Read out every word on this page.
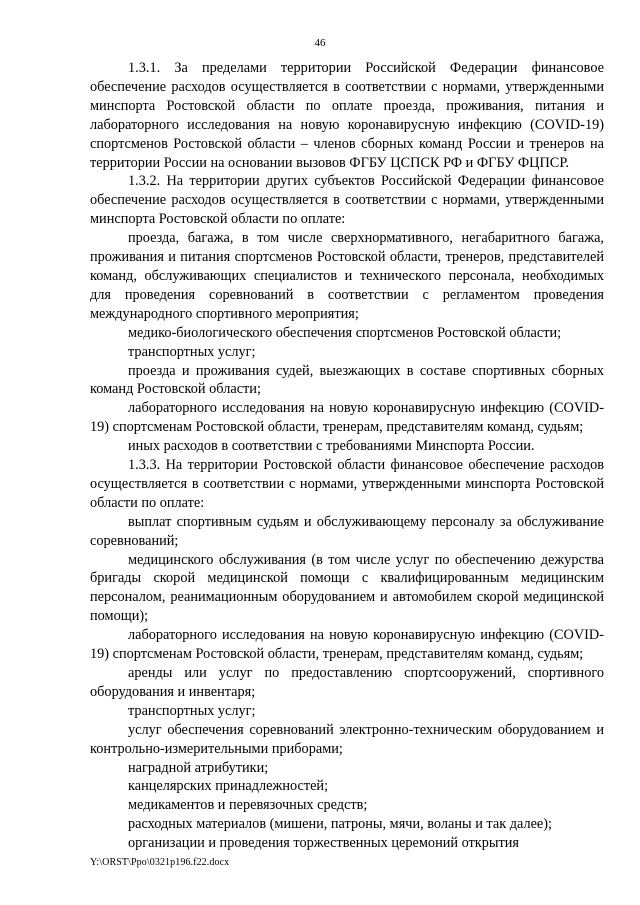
46

1.3.1. За пределами территории Российской Федерации финансовое обеспечение расходов осуществляется в соответствии с нормами, утвержденными минспорта Ростовской области по оплате проезда, проживания, питания и лабораторного исследования на новую коронавирусную инфекцию (COVID-19) спортсменов Ростовской области – членов сборных команд России и тренеров на территории России на основании вызовов ФГБУ ЦСПСК РФ и ФГБУ ФЦПСР.

1.3.2. На территории других субъектов Российской Федерации финансовое обеспечение расходов осуществляется в соответствии с нормами, утвержденными минспорта Ростовской области по оплате:

проезда, багажа, в том числе сверхнормативного, негабаритного багажа, проживания и питания спортсменов Ростовской области, тренеров, представителей команд, обслуживающих специалистов и технического персонала, необходимых для проведения соревнований в соответствии с регламентом проведения международного спортивного мероприятия;

медико-биологического обеспечения спортсменов Ростовской области;

транспортных услуг;

проезда и проживания судей, выезжающих в составе спортивных сборных команд Ростовской области;

лабораторного исследования на новую коронавирусную инфекцию (COVID-19) спортсменам Ростовской области, тренерам, представителям команд, судьям;

иных расходов в соответствии с требованиями Минспорта России.

1.3.3. На территории Ростовской области финансовое обеспечение расходов осуществляется в соответствии с нормами, утвержденными минспорта Ростовской области по оплате:

выплат спортивным судьям и обслуживающему персоналу за обслуживание соревнований;

медицинского обслуживания (в том числе услуг по обеспечению дежурства бригады скорой медицинской помощи с квалифицированным медицинским персоналом, реанимационным оборудованием и автомобилем скорой медицинской помощи);

лабораторного исследования на новую коронавирусную инфекцию (COVID-19) спортсменам Ростовской области, тренерам, представителям команд, судьям;

аренды или услуг по предоставлению спортсооружений, спортивного оборудования и инвентаря;

транспортных услуг;

услуг обеспечения соревнований электронно-техническим оборудованием и контрольно-измерительными приборами;

наградной атрибутики;

канцелярских принадлежностей;

медикаментов и перевязочных средств;

расходных материалов (мишени, патроны, мячи, воланы и так далее);

организации и проведения торжественных церемоний открытия

Y:\ORST\Ppo\0321p196.f22.docx
